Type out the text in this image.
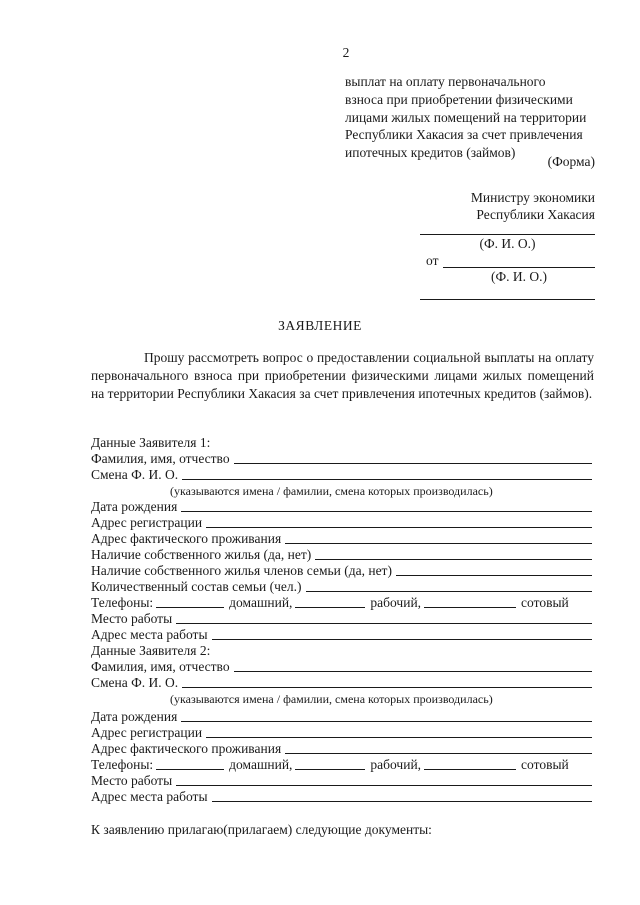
2
выплат на оплату первоначального
взноса при приобретении физическими
лицами жилых помещений на территории
Республики Хакасия за счет привлечения
ипотечных кредитов (займов)
(Форма)
Министру экономики
Республики Хакасия
(Ф. И. О.)
от
(Ф. И. О.)
ЗАЯВЛЕНИЕ

Прошу рассмотреть вопрос о предоставлении социальной выплаты на оплату первоначального взноса при приобретении физическими лицами жилых помещений на территории Республики Хакасия за счет привлечения ипотечных кредитов (займов).

Данные Заявителя 1:
Фамилия, имя, отчество
Смена Ф. И. О.
(указываются имена / фамилии, смена которых производилась)
Дата рождения
Адрес регистрации
Адрес фактического проживания
Наличие собственного жилья (да, нет)
Наличие собственного жилья членов семьи (да, нет)
Количественный состав семьи (чел.)
Телефоны:	домашний,	рабочий,	сотовый
Место работы
Адрес места работы
Данные Заявителя 2:
Фамилия, имя, отчество
Смена Ф. И. О.
(указываются имена / фамилии, смена которых производилась)
Дата рождения
Адрес регистрации
Адрес фактического проживания
Телефоны:	домашний,	рабочий,	сотовый
Место работы
Адрес места работы
К заявлению прилагаю(прилагаем) следующие документы:
